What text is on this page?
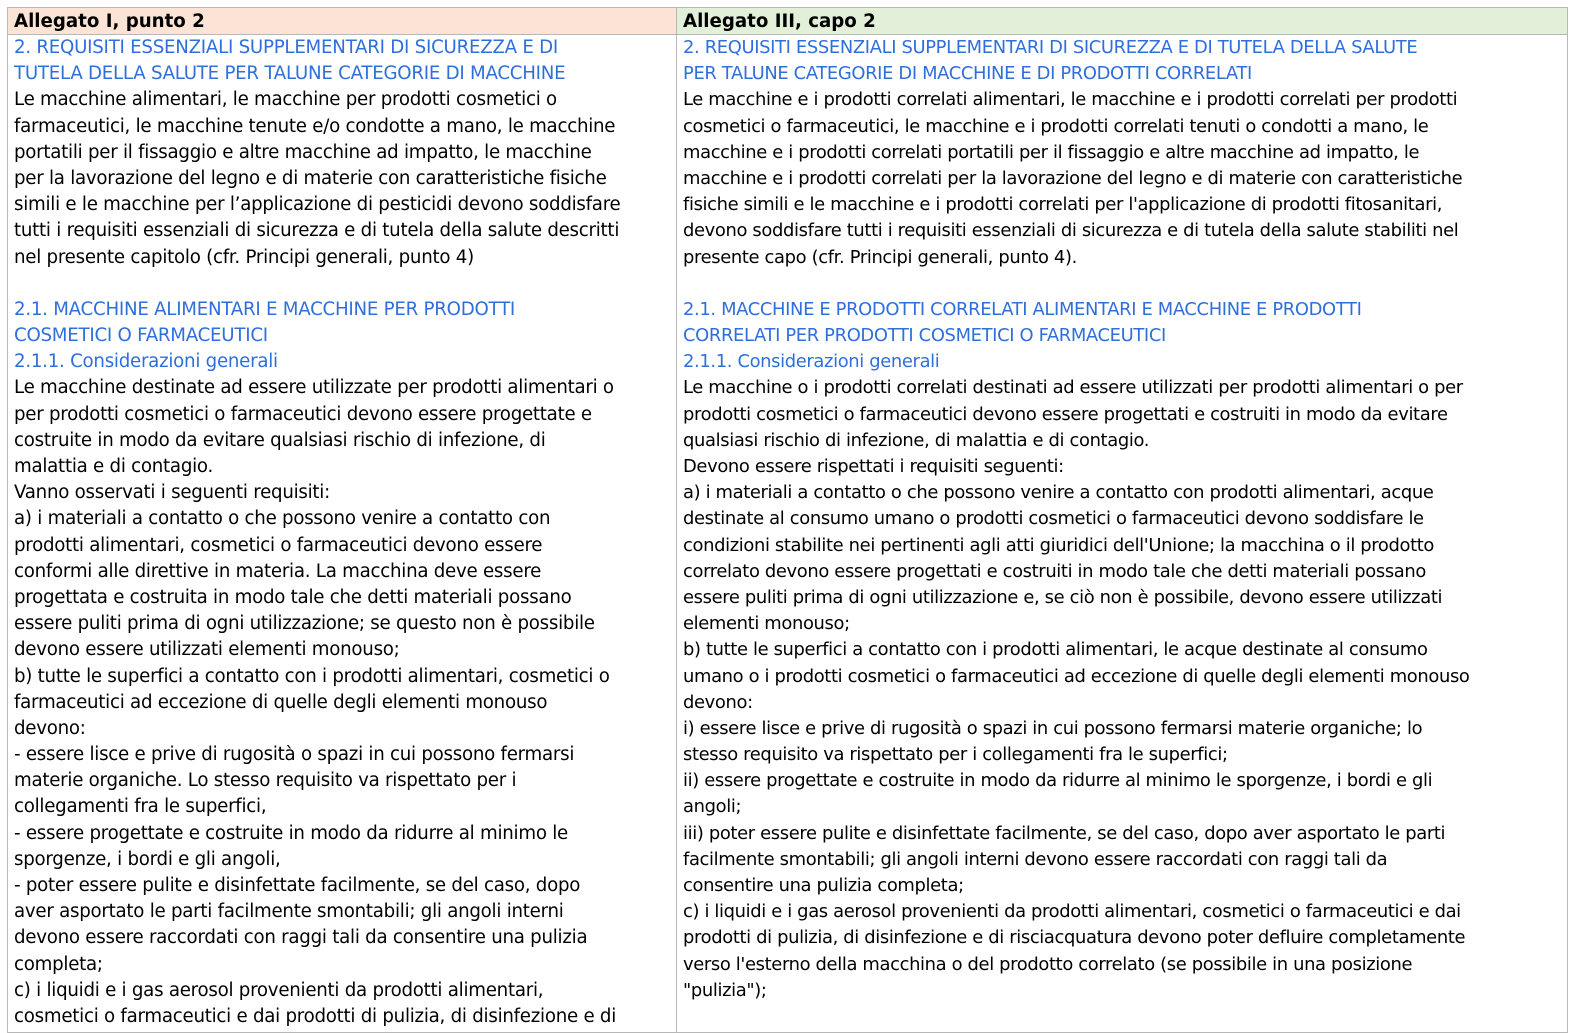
Allegato I, punto 2	Allegato III, capo 2
2. REQUISITI ESSENZIALI SUPPLEMENTARI DI SICUREZZA E DI
TUTELA DELLA SALUTE PER TALUNE CATEGORIE DI MACCHINE
Le macchine alimentari, le macchine per prodotti cosmetici o
farmaceutici, le macchine tenute e/o condotte a mano, le macchine
portatili per il fissaggio e altre macchine ad impatto, le macchine
per la lavorazione del legno e di materie con caratteristiche fisiche
simili e le macchine per l’applicazione di pesticidi devono soddisfare
tutti i requisiti essenziali di sicurezza e di tutela della salute descritti
nel presente capitolo (cfr. Principi generali, punto 4)
2.1. MACCHINE ALIMENTARI E MACCHINE PER PRODOTTI
COSMETICI O FARMACEUTICI
2.1.1. Considerazioni generali
Le macchine destinate ad essere utilizzate per prodotti alimentari o
per prodotti cosmetici o farmaceutici devono essere progettate e
costruite in modo da evitare qualsiasi rischio di infezione, di
malattia e di contagio.
Vanno osservati i seguenti requisiti:
a) i materiali a contatto o che possono venire a contatto con
prodotti alimentari, cosmetici o farmaceutici devono essere
conformi alle direttive in materia. La macchina deve essere
progettata e costruita in modo tale che detti materiali possano
essere puliti prima di ogni utilizzazione; se questo non è possibile
devono essere utilizzati elementi monouso;
b) tutte le superfici a contatto con i prodotti alimentari, cosmetici o
farmaceutici ad eccezione di quelle degli elementi monouso
devono:
- essere lisce e prive di rugosità o spazi in cui possono fermarsi
materie organiche. Lo stesso requisito va rispettato per i
collegamenti fra le superfici,
- essere progettate e costruite in modo da ridurre al minimo le
sporgenze, i bordi e gli angoli,
- poter essere pulite e disinfettate facilmente, se del caso, dopo
aver asportato le parti facilmente smontabili; gli angoli interni
devono essere raccordati con raggi tali da consentire una pulizia
completa;
c) i liquidi e i gas aerosol provenienti da prodotti alimentari,
cosmetici o farmaceutici e dai prodotti di pulizia, di disinfezione e di
2. REQUISITI ESSENZIALI SUPPLEMENTARI DI SICUREZZA E DI TUTELA DELLA SALUTE
PER TALUNE CATEGORIE DI MACCHINE E DI PRODOTTI CORRELATI
Le macchine e i prodotti correlati alimentari, le macchine e i prodotti correlati per prodotti
cosmetici o farmaceutici, le macchine e i prodotti correlati tenuti o condotti a mano, le
macchine e i prodotti correlati portatili per il fissaggio e altre macchine ad impatto, le
macchine e i prodotti correlati per la lavorazione del legno e di materie con caratteristiche
fisiche simili e le macchine e i prodotti correlati per l'applicazione di prodotti fitosanitari,
devono soddisfare tutti i requisiti essenziali di sicurezza e di tutela della salute stabiliti nel
presente capo (cfr. Principi generali, punto 4).
2.1. MACCHINE E PRODOTTI CORRELATI ALIMENTARI E MACCHINE E PRODOTTI
CORRELATI PER PRODOTTI COSMETICI O FARMACEUTICI
2.1.1. Considerazioni generali
Le macchine o i prodotti correlati destinati ad essere utilizzati per prodotti alimentari o per
prodotti cosmetici o farmaceutici devono essere progettati e costruiti in modo da evitare
qualsiasi rischio di infezione, di malattia e di contagio.
Devono essere rispettati i requisiti seguenti:
a) i materiali a contatto o che possono venire a contatto con prodotti alimentari, acque
destinate al consumo umano o prodotti cosmetici o farmaceutici devono soddisfare le
condizioni stabilite nei pertinenti agli atti giuridici dell'Unione; la macchina o il prodotto
correlato devono essere progettati e costruiti in modo tale che detti materiali possano
essere puliti prima di ogni utilizzazione e, se ciò non è possibile, devono essere utilizzati
elementi monouso;
b) tutte le superfici a contatto con i prodotti alimentari, le acque destinate al consumo
umano o i prodotti cosmetici o farmaceutici ad eccezione di quelle degli elementi monouso
devono:
i) essere lisce e prive di rugosità o spazi in cui possono fermarsi materie organiche; lo
stesso requisito va rispettato per i collegamenti fra le superfici;
ii) essere progettate e costruite in modo da ridurre al minimo le sporgenze, i bordi e gli
angoli;
iii) poter essere pulite e disinfettate facilmente, se del caso, dopo aver asportato le parti
facilmente smontabili; gli angoli interni devono essere raccordati con raggi tali da
consentire una pulizia completa;
c) i liquidi e i gas aerosol provenienti da prodotti alimentari, cosmetici o farmaceutici e dai
prodotti di pulizia, di disinfezione e di risciacquatura devono poter defluire completamente
verso l'esterno della macchina o del prodotto correlato (se possibile in una posizione
"pulizia");
